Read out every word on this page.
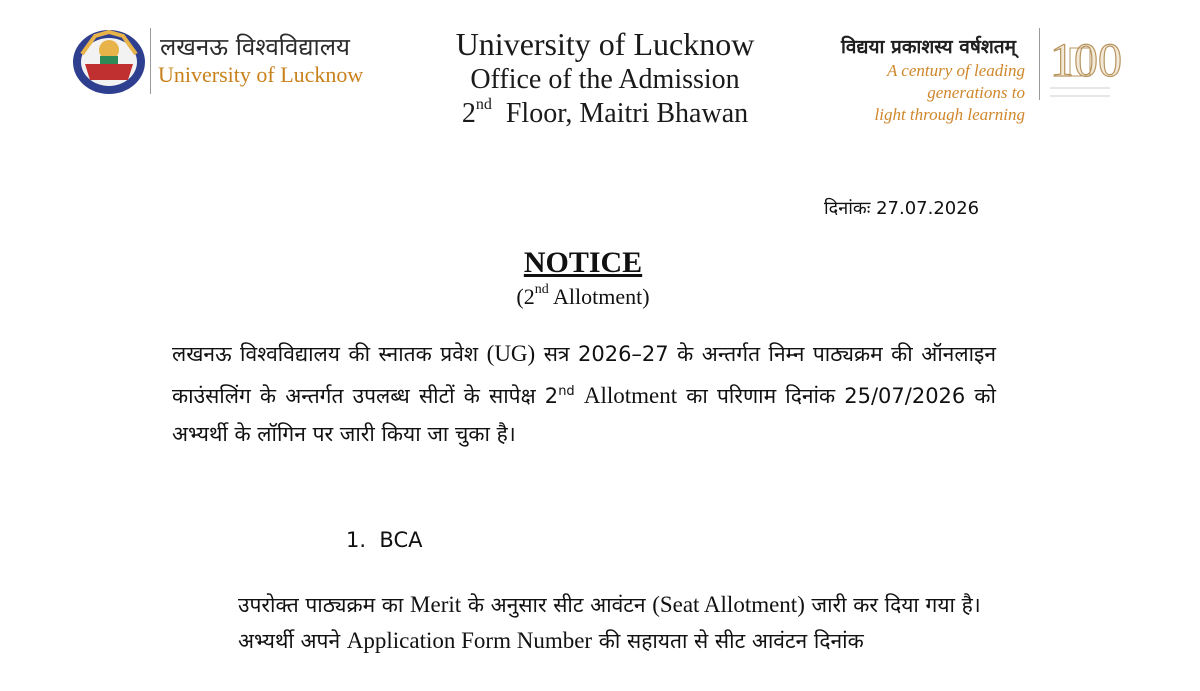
लखनऊ विश्वविद्यालय
University of Lucknow
University of Lucknow
Office of the Admission
2nd Floor, Maitri Bhawan
विद्यया प्रकाशस्य वर्षशतम्
A century of leading generations to
light through learning
100
दिनांकः 27.07.2026
NOTICE
(2nd Allotment)
लखनऊ विश्वविद्यालय की स्नातक प्रवेश (UG) सत्र 2026–27 के अन्तर्गत निम्न पाठ्यक्रम की ऑनलाइन काउंसलिंग के अन्तर्गत उपलब्ध सीटों के सापेक्ष 2nd Allotment का परिणाम दिनांक 25/07/2026 को अभ्यर्थी के लॉगिन पर जारी किया जा चुका है।
1. BCA
उपरोक्त पाठ्यक्रम का Merit के अनुसार सीट आवंटन (Seat Allotment) जारी कर दिया गया है।
अभ्यर्थी अपने Application Form Number की सहायता से सीट आवंटन दिनांक
